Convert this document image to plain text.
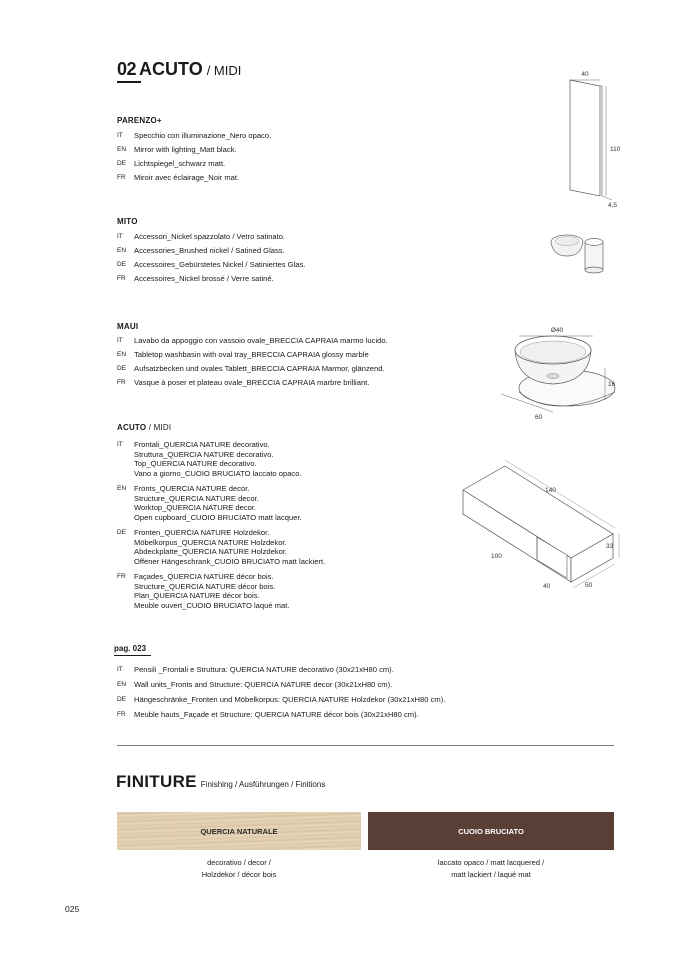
02 ACUTO / MIDI
PARENZO+
IT	Specchio con illuminazione_Nero opaco.
EN	Mirror with lighting_Matt black.
DE	Lichtspiegel_schwarz matt.
FR	Miroir avec éclairage_Noir mat.
MITO
IT	Accessori_Nickel spazzolato / Vetro satinato.
EN	Accessories_Brushed nickel / Satined Glass.
DE	Accessoires_Gebürstetes Nickel / Satiniertes Glas.
FR	Accessoires_Nickel brossé / Verre satiné.
MAUI
IT	Lavabo da appoggio con vassoio ovale_BRECCIA CAPRAIA marmo lucido.
EN	Tabletop washbasin with oval tray_BRECCIA CAPRAIA glossy marble
DE	Aufsatzbecken und ovales Tablett_BRECCIA CAPRAIA Marmor, glänzend.
FR	Vasque à poser et plateau ovale_BRECCIA CAPRAIA marbre brilliant.
ACUTO / MIDI
IT	Frontali_QUERCIA NATURE decorativo.
Struttura_QUERCIA NATURE decorativo.
Top_QUERCIA NATURE decorativo.
Vano a giorno_CUOIO BRUCIATO laccato opaco.
EN	Fronts_QUERCIA NATURE decor.
Structure_QUERCIA NATURE decor.
Worktop_QUERCIA NATURE decor.
Open cupboard_CUOIO BRUCIATO matt lacquer.
DE	Fronten_QUERCIA NATURE Holzdekor.
Möbelkorpus_QUERCIA NATURE Holzdekor.
Abdeckplatte_QUERCIA NATURE Holzdekor.
Offener Hängeschrank_CUOIO BRUCIATO matt lackiert.
FR	Façades_QUERCIA NATURE décor bois.
Structure_QUERCIA NATURE décor bois.
Plan_QUERCIA NATURE décor bois.
Meuble ouvert_CUOIO BRUCIATO laqué mat.
pag. 023
IT	Pensili _Frontali e Struttura: QUERCIA NATURE decorativo (30x21xH80 cm).
EN	Wall units_Fronts and Structure: QUERCIA NATURE decor (30x21xH80 cm).
DE	Hängeschränke_Fronten und Möbelkorpus: QUERCIA NATURE Holzdekor (30x21xH80 cm).
FR	Meuble hauts_Façade et Structure: QUERCIA NATURE décor bois (30x21xH80 cm).
40
110
4,5
Ø40
16
60
140
33
50
40
100
FINITURE Finishing / Ausführungen / Finitions
QUERCIA NATURALE	CUOIO BRUCIATO
decorativo / decor /
Holzdekor / décor bois
laccato opaco / matt lacquered /
matt lackiert / laqué mat
025
